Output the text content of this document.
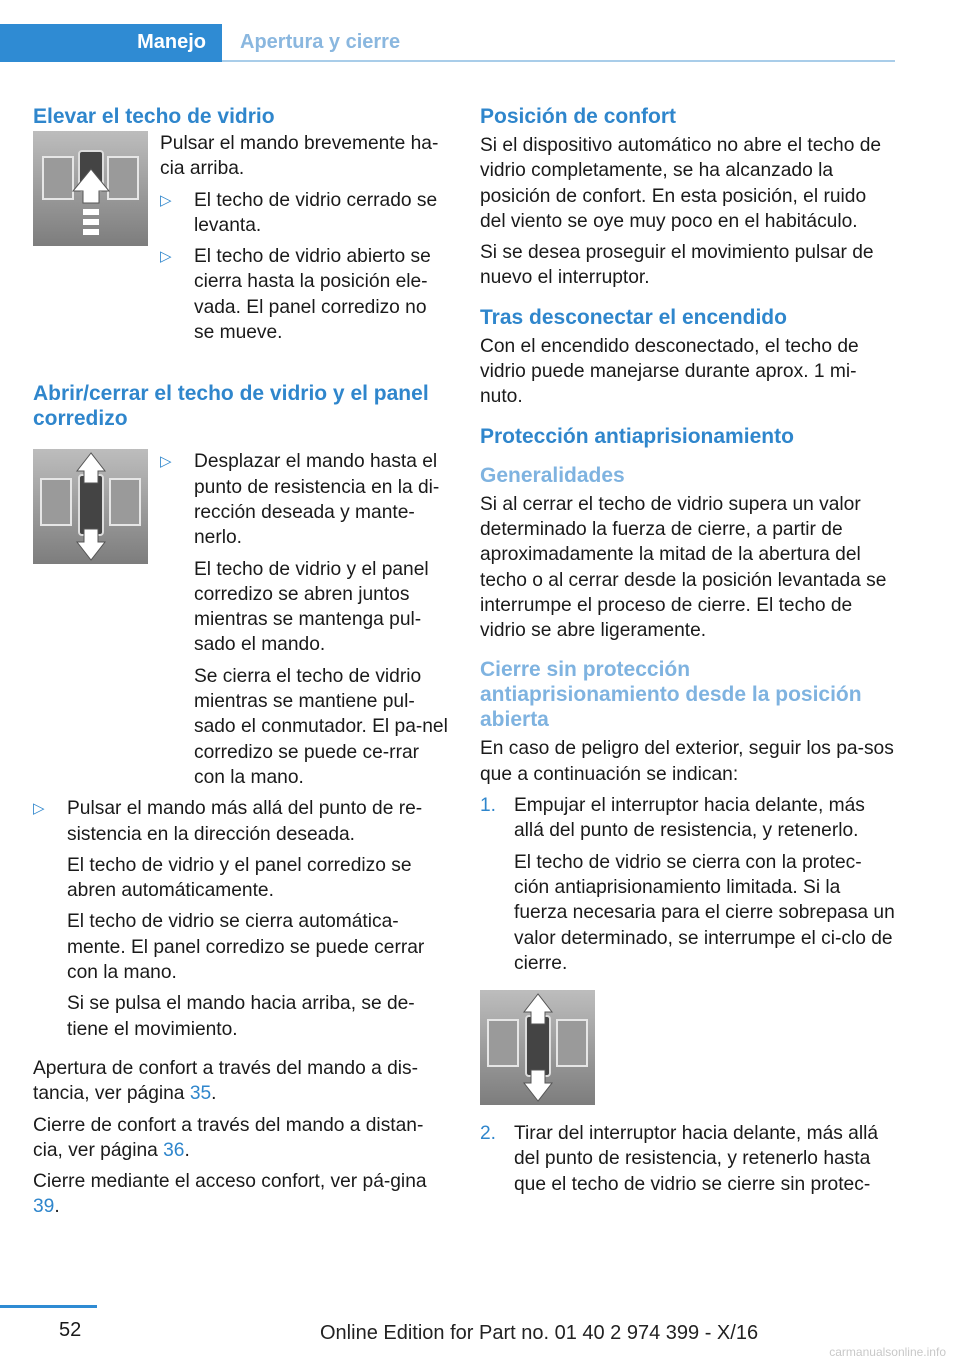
Manejo Apertura y cierre
Elevar el techo de vidrio

Pulsar el mando brevemente ha‐cia arriba.

▷	El techo de vidrio cerrado se levanta.
▷	El techo de vidrio abierto se cierra hasta la posición ele‐vada. El panel corredizo no se mueve.
Abrir/cerrar el techo de vidrio y el panel corredizo
▷	Desplazar el mando hasta el punto de resistencia en la di‐rección deseada y mante‐nerlo.

El techo de vidrio y el panel corredizo se abren juntos mientras se mantenga pul‐sado el mando.

Se cierra el techo de vidrio mientras se mantiene pul‐sado el conmutador. El pa‐nel corredizo se puede ce‐rrar con la mano.

▷	Pulsar el mando más allá del punto de re‐sistencia en la dirección deseada.

El techo de vidrio y el panel corredizo se abren automáticamente.

El techo de vidrio se cierra automática‐mente. El panel corredizo se puede cerrar con la mano.

Si se pulsa el mando hacia arriba, se de‐tiene el movimiento.

Apertura de confort a través del mando a dis‐tancia, ver página 35.

Cierre de confort a través del mando a distan‐cia, ver página 36.

Cierre mediante el acceso confort, ver pá‐gina 39.

Posición de confort

Si el dispositivo automático no abre el techo de vidrio completamente, se ha alcanzado la posición de confort. En esta posición, el ruido del viento se oye muy poco en el habitáculo.

Si se desea proseguir el movimiento pulsar de nuevo el interruptor.

Tras desconectar el encendido

Con el encendido desconectado, el techo de vidrio puede manejarse durante aprox. 1 mi‐nuto.

Protección antiaprisionamiento
Generalidades

Si al cerrar el techo de vidrio supera un valor determinado la fuerza de cierre, a partir de aproximadamente la mitad de la abertura del techo o al cerrar desde la posición levantada se interrumpe el proceso de cierre. El techo de vidrio se abre ligeramente.

Cierre sin protección antiaprisionamiento desde la posición abierta

En caso de peligro del exterior, seguir los pa‐sos que a continuación se indican:

1. Empujar el interruptor hacia delante, más allá del punto de resistencia, y retenerlo.

El techo de vidrio se cierra con la protec‐ción antiaprisionamiento limitada. Si la fuerza necesaria para el cierre sobrepasa un valor determinado, se interrumpe el ci‐clo de cierre.

2. Tirar del interruptor hacia delante, más allá del punto de resistencia, y retenerlo hasta que el techo de vidrio se cierre sin protec‐

52	Online Edition for Part no. 01 40 2 974 399 - X/16
carmanualsonline.info
